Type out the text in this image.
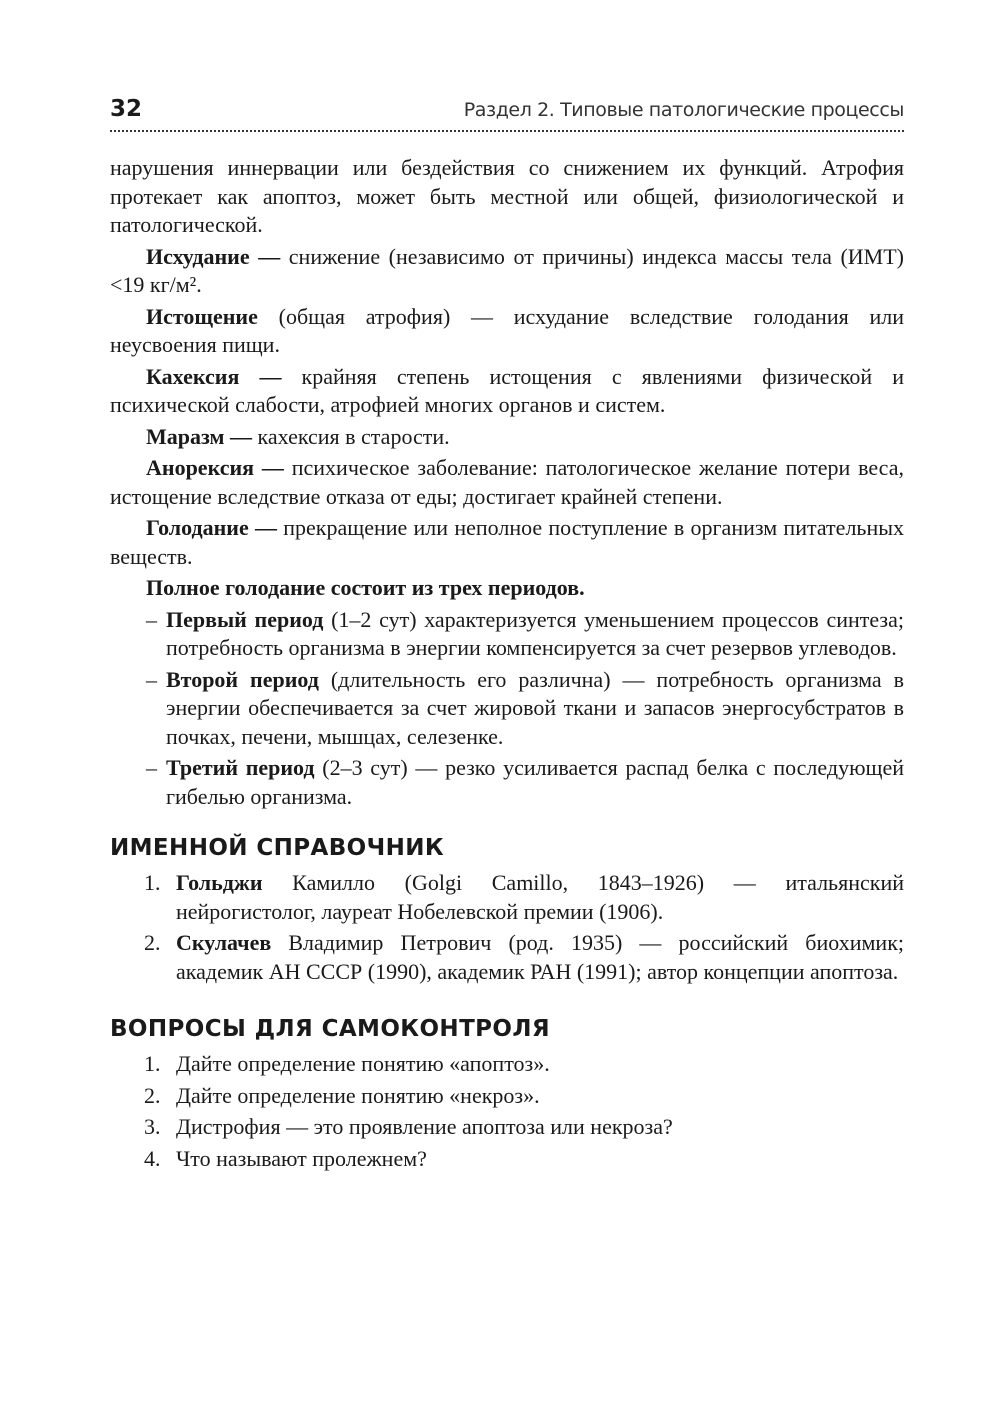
32	Раздел 2. Типовые патологические процессы

нарушения иннервации или бездействия со снижением их функций. Атрофия протекает как апоптоз, может быть местной или общей, физиологической и патологической.

Исхудание — снижение (независимо от причины) индекса массы тела (ИМТ) <19 кг/м².

Истощение (общая атрофия) — исхудание вследствие голодания или неусвоения пищи.

Кахексия — крайняя степень истощения с явлениями физической и психической слабости, атрофией многих органов и систем.

Маразм — кахексия в старости.

Анорексия — психическое заболевание: патологическое желание потери веса, истощение вследствие отказа от еды; достигает крайней степени.

Голодание — прекращение или неполное поступление в организм питательных веществ.

Полное голодание состоит из трех периодов.

– Первый период (1–2 сут) характеризуется уменьшением процессов синтеза; потребность организма в энергии компенсируется за счет резервов углеводов.
– Второй период (длительность его различна) — потребность организма в энергии обеспечивается за счет жировой ткани и запасов энергосубстратов в почках, печени, мышцах, селезенке.
– Третий период (2–3 сут) — резко усиливается распад белка с последующей гибелью организма.
ИМЕННОЙ СПРАВОЧНИК
1. Гольджи Камилло (Golgi Camillo, 1843–1926) — итальянский нейрогистолог, лауреат Нобелевской премии (1906).
2. Скулачев Владимир Петрович (род. 1935) — российский биохимик; академик АН СССР (1990), академик РАН (1991); автор концепции апоптоза.
ВОПРОСЫ ДЛЯ САМОКОНТРОЛЯ
1. Дайте определение понятию «апоптоз».
2. Дайте определение понятию «некроз».
3. Дистрофия — это проявление апоптоза или некроза?
4. Что называют пролежнем?
